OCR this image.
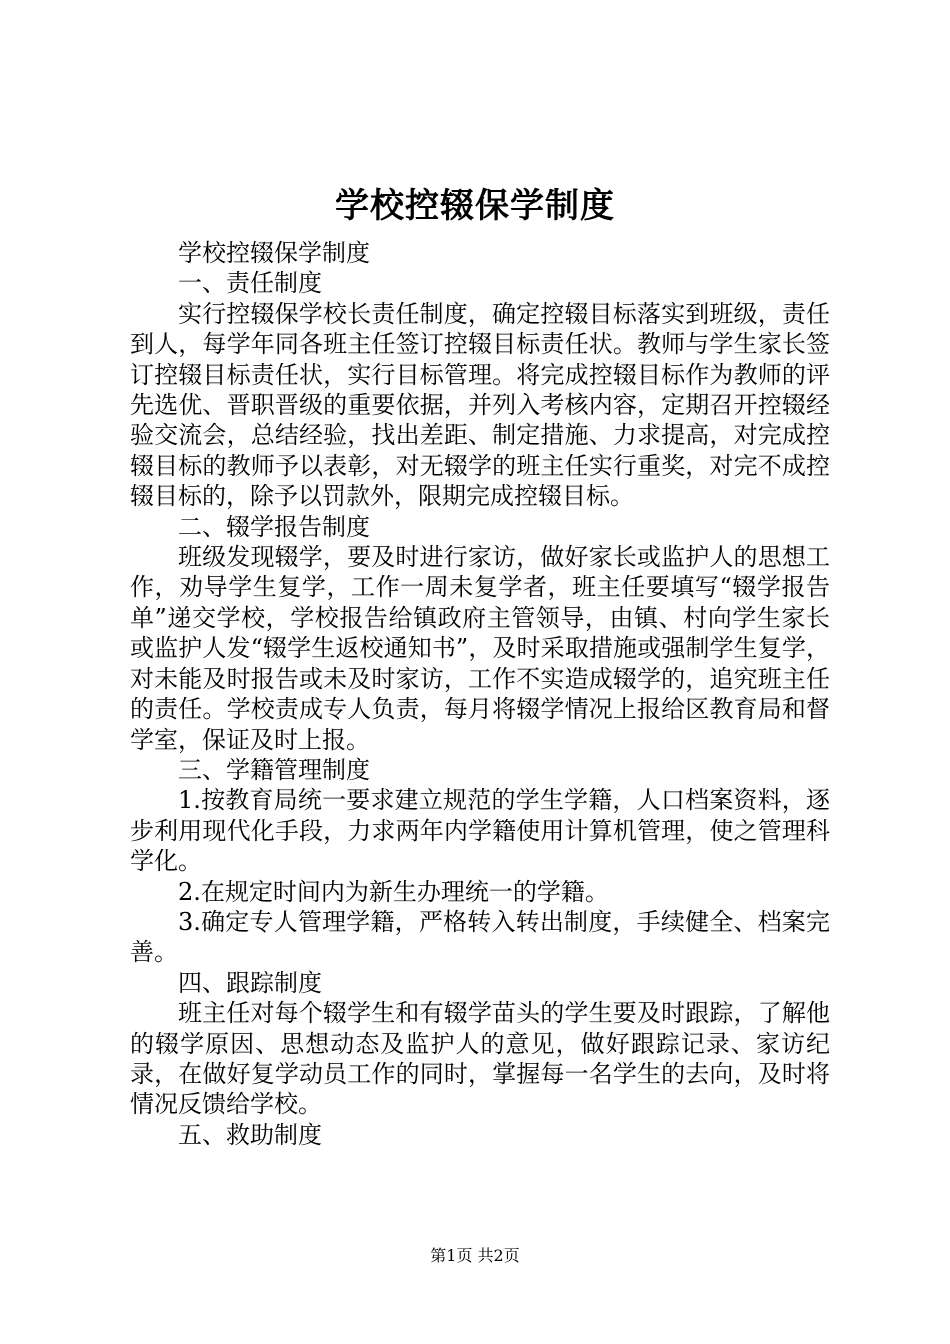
学校控辍保学制度

学校控辍保学制度

一、责任制度

实行控辍保学校长责任制度，确定控辍目标落实到班级，责任到人，每学年同各班主任签订控辍目标责任状。教师与学生家长签订控辍目标责任状，实行目标管理。将完成控辍目标作为教师的评先选优、晋职晋级的重要依据，并列入考核内容，定期召开控辍经验交流会，总结经验，找出差距、制定措施、力求提高，对完成控辍目标的教师予以表彰，对无辍学的班主任实行重奖，对完不成控辍目标的，除予以罚款外，限期完成控辍目标。

二、辍学报告制度

班级发现辍学，要及时进行家访，做好家长或监护人的思想工作，劝导学生复学，工作一周未复学者，班主任要填写“辍学报告单”递交学校，学校报告给镇政府主管领导，由镇、村向学生家长或监护人发“辍学生返校通知书”，及时采取措施或强制学生复学，对未能及时报告或未及时家访，工作不实造成辍学的，追究班主任的责任。学校责成专人负责，每月将辍学情况上报给区教育局和督学室，保证及时上报。

三、学籍管理制度

1.按教育局统一要求建立规范的学生学籍，人口档案资料，逐步利用现代化手段，力求两年内学籍使用计算机管理，使之管理科学化。

2.在规定时间内为新生办理统一的学籍。

3.确定专人管理学籍，严格转入转出制度，手续健全、档案完善。

四、跟踪制度

班主任对每个辍学生和有辍学苗头的学生要及时跟踪，了解他的辍学原因、思想动态及监护人的意见，做好跟踪记录、家访纪录，在做好复学动员工作的同时，掌握每一名学生的去向，及时将情况反馈给学校。

五、救助制度

第1页 共2页
